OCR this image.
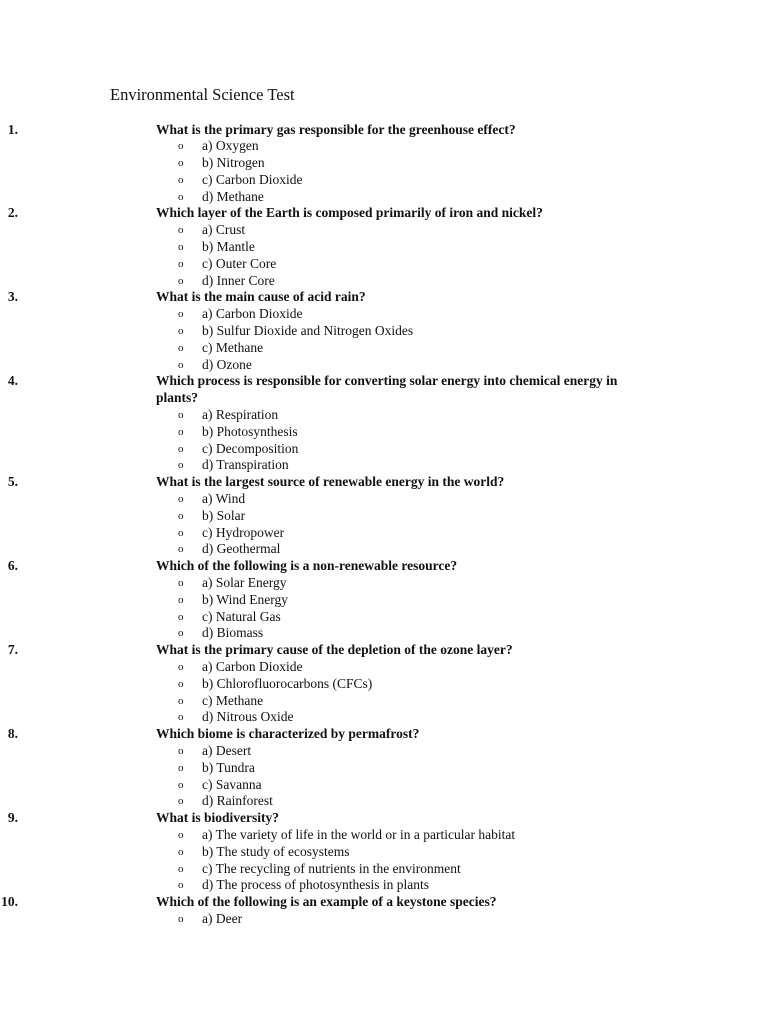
Environmental Science Test
1.	What is the primary gas responsible for the greenhouse effect?
o a) Oxygen
o b) Nitrogen
o c) Carbon Dioxide
o d) Methane
2.	Which layer of the Earth is composed primarily of iron and nickel?
o a) Crust
o b) Mantle
o c) Outer Core
o d) Inner Core
3.	What is the main cause of acid rain?
o a) Carbon Dioxide
o b) Sulfur Dioxide and Nitrogen Oxides
o c) Methane
o d) Ozone
4.	Which process is responsible for converting solar energy into chemical energy in plants?
o a) Respiration
o b) Photosynthesis
o c) Decomposition
o d) Transpiration
5.	What is the largest source of renewable energy in the world?
o a) Wind
o b) Solar
o c) Hydropower
o d) Geothermal
6.	Which of the following is a non-renewable resource?
o a) Solar Energy
o b) Wind Energy
o c) Natural Gas
o d) Biomass
7.	What is the primary cause of the depletion of the ozone layer?
o a) Carbon Dioxide
o b) Chlorofluorocarbons (CFCs)
o c) Methane
o d) Nitrous Oxide
8.	Which biome is characterized by permafrost?
o a) Desert
o b) Tundra
o c) Savanna
o d) Rainforest
9.	What is biodiversity?
o a) The variety of life in the world or in a particular habitat
o b) The study of ecosystems
o c) The recycling of nutrients in the environment
o d) The process of photosynthesis in plants
10.	Which of the following is an example of a keystone species?
o a) Deer
